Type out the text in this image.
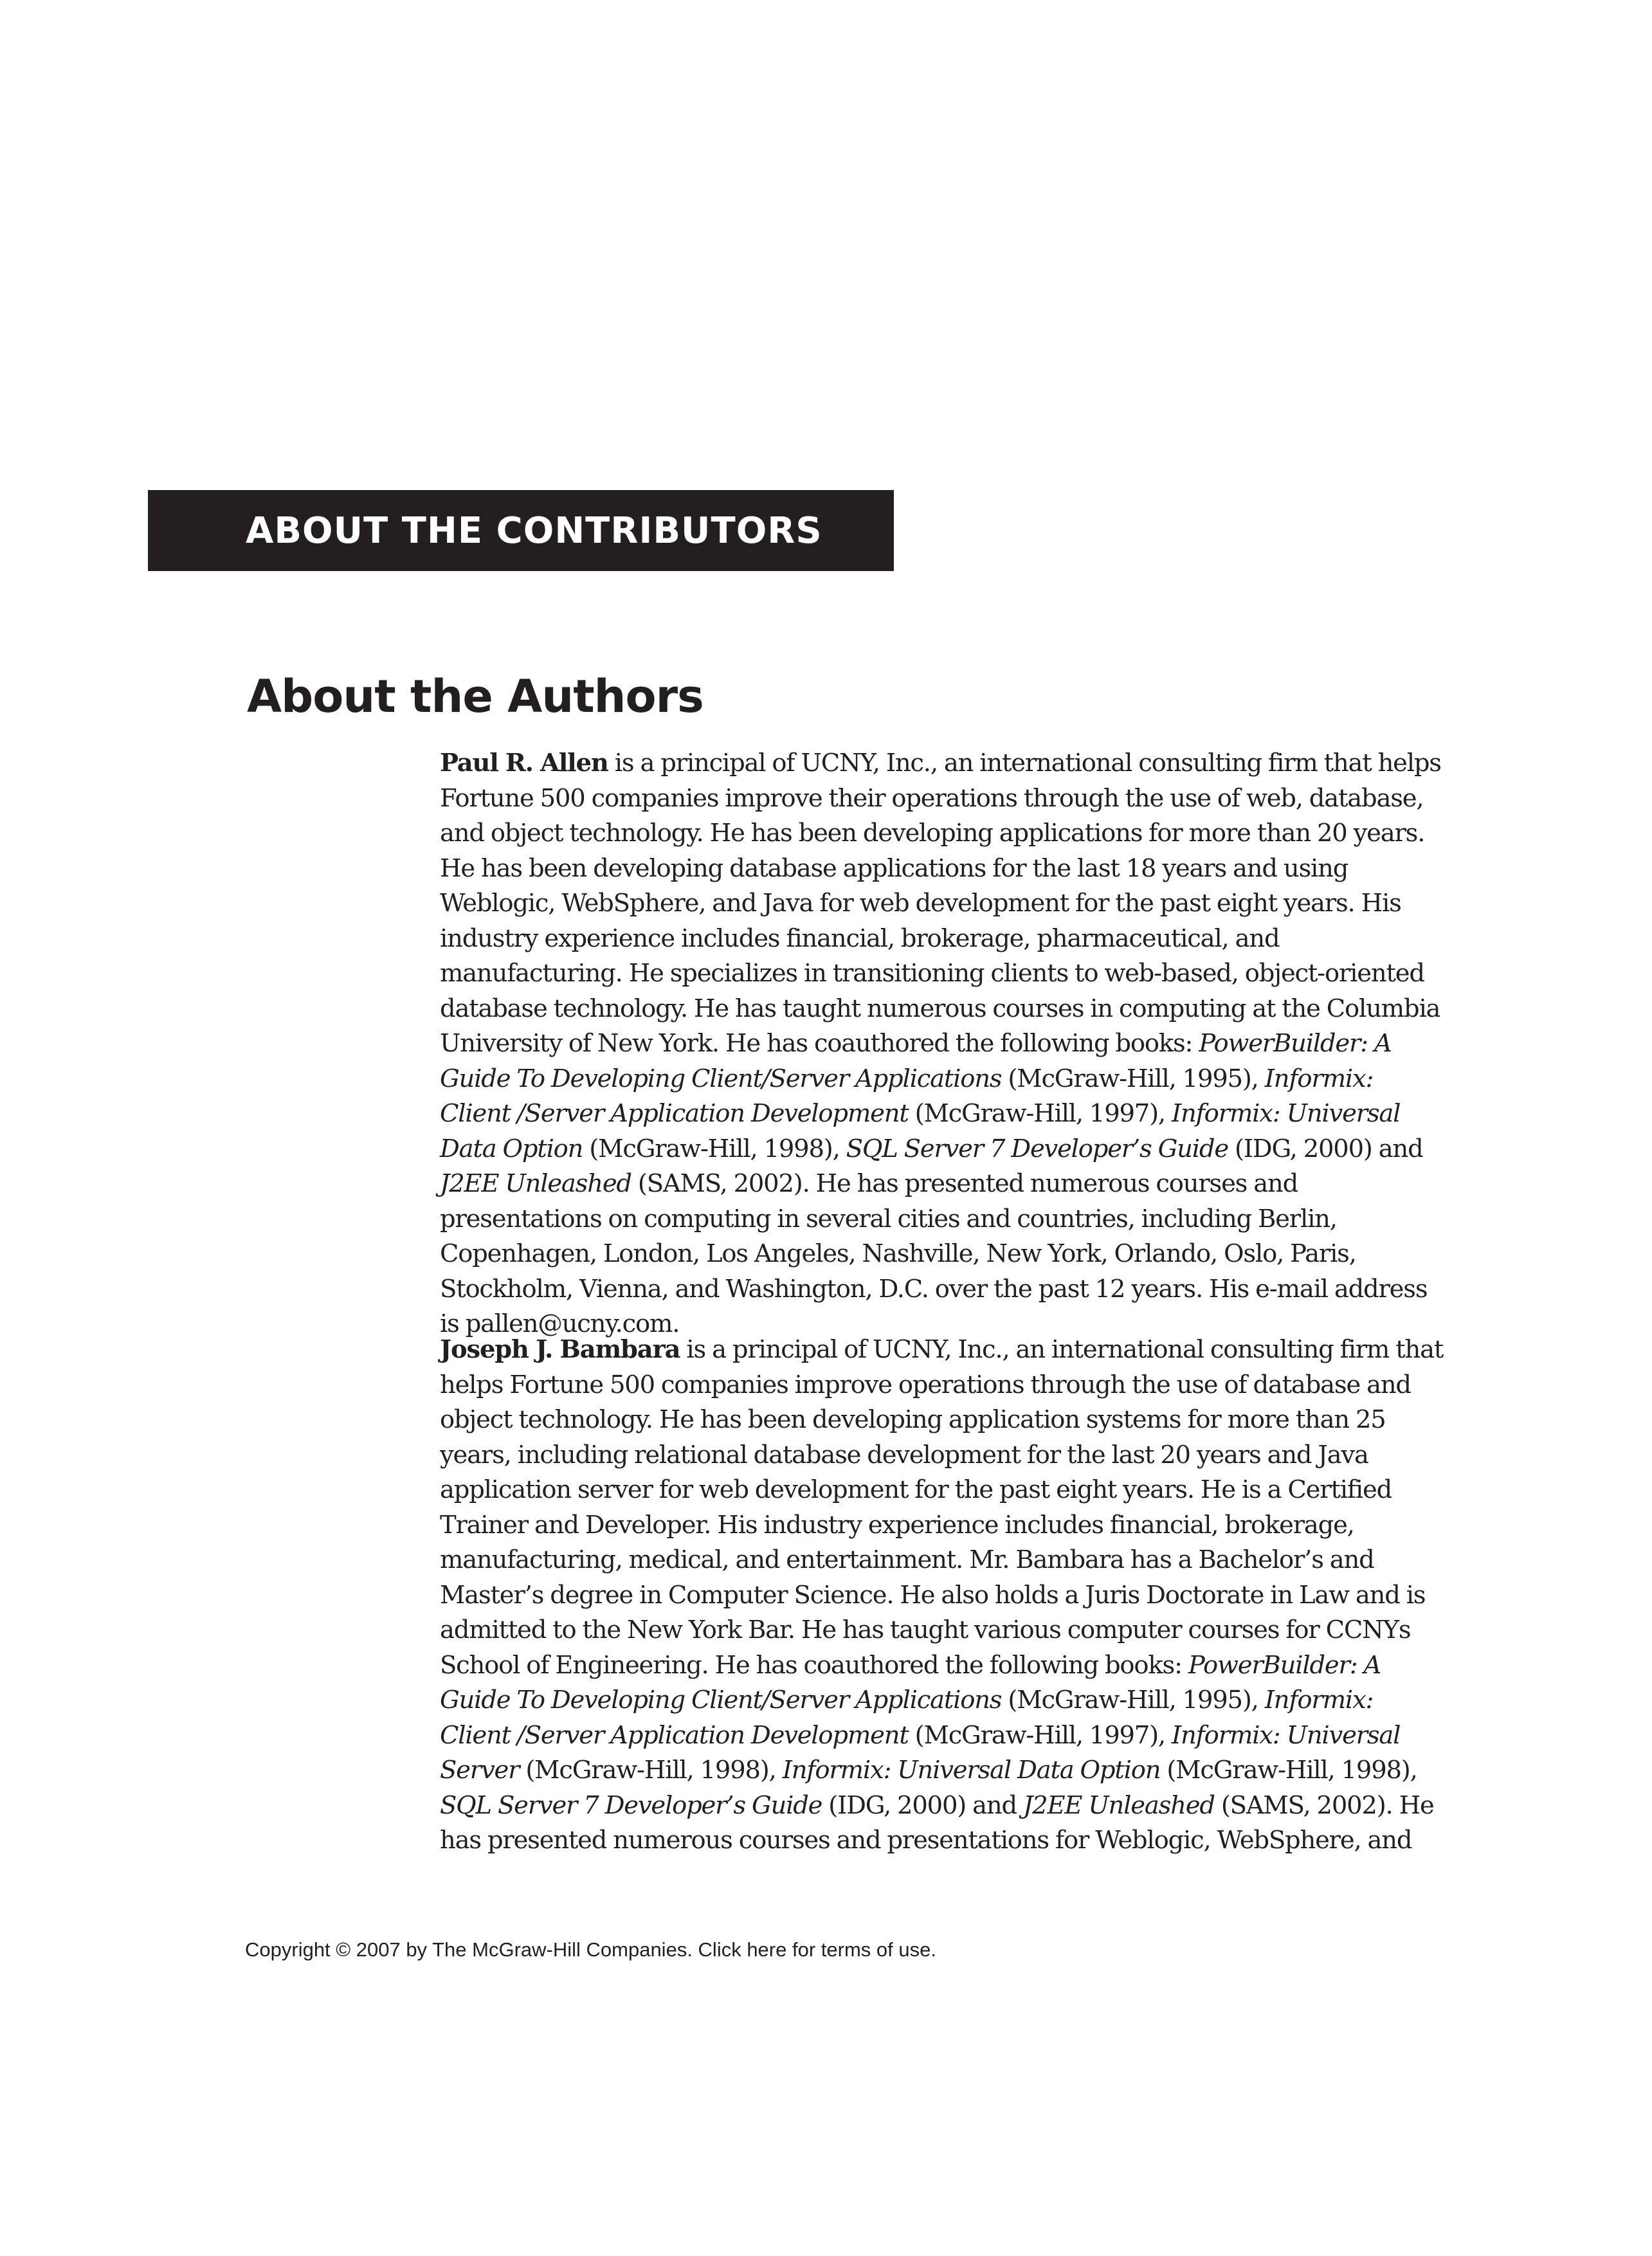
ABOUT THE CONTRIBUTORS
About the Authors

Paul R. Allen is a principal of UCNY, Inc., an international consulting firm that helps Fortune 500 companies improve their operations through the use of web, database, and object technology. He has been developing applications for more than 20 years. He has been developing database applications for the last 18 years and using Weblogic, WebSphere, and Java for web development for the past eight years. His industry experience includes financial, brokerage, pharmaceutical, and manufacturing. He specializes in transitioning clients to web-based, object-oriented database technology. He has taught numerous courses in computing at the Columbia University of New York. He has coauthored the following books: PowerBuilder: A Guide To Developing Client/Server Applications (McGraw-Hill, 1995), Informix: Client /Server Application Development (McGraw-Hill, 1997), Informix: Universal Data Option (McGraw-Hill, 1998), SQL Server 7 Developer’s Guide (IDG, 2000) and J2EE Unleashed (SAMS, 2002). He has presented numerous courses and presentations on computing in several cities and countries, including Berlin, Copenhagen, London, Los Angeles, Nashville, New York, Orlando, Oslo, Paris, Stockholm, Vienna, and Washington, D.C. over the past 12 years. His e-mail address is pallen@ucny.com.

Joseph J. Bambara is a principal of UCNY, Inc., an international consulting firm that helps Fortune 500 companies improve operations through the use of database and object technology. He has been developing application systems for more than 25 years, including relational database development for the last 20 years and Java application server for web development for the past eight years. He is a Certified Trainer and Developer. His industry experience includes financial, brokerage, manufacturing, medical, and entertainment. Mr. Bambara has a Bachelor’s and Master’s degree in Computer Science. He also holds a Juris Doctorate in Law and is admitted to the New York Bar. He has taught various computer courses for CCNYs School of Engineering. He has coauthored the following books: PowerBuilder: A Guide To Developing Client/Server Applications (McGraw-Hill, 1995), Informix: Client /Server Application Development (McGraw-Hill, 1997), Informix: Universal Server (McGraw-Hill, 1998), Informix: Universal Data Option (McGraw-Hill, 1998), SQL Server 7 Developer’s Guide (IDG, 2000) and J2EE Unleashed (SAMS, 2002). He has presented numerous courses and presentations for Weblogic, WebSphere, and

Copyright © 2007 by The McGraw-Hill Companies. Click here for terms of use.
